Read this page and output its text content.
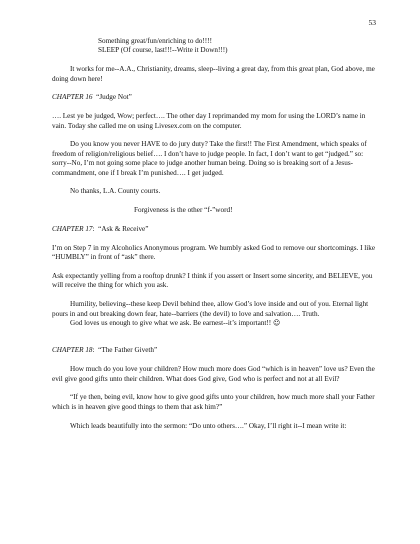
53
Something great/fun/enriching to do!!!!
SLEEP (Of course, last!!!--Write it Down!!!)

It works for me--A.A., Christianity, dreams, sleep--living a great day, from this great plan, God above, me doing down here!

CHAPTER 16 “Judge Not”

…. Lest ye be judged, Wow; perfect…. The other day I reprimanded my mom for using the LORD’s name in vain. Today she called me on using Livesex.com on the computer.

Do you know you never HAVE to do jury duty? Take the first!! The First Amendment, which speaks of freedom of religion/religious belief…. I don’t have to judge people. In fact, I don’t want to get “judged.” so: sorry--No, I’m not going some place to judge another human being. Doing so is breaking sort of a Jesus-commandment, one if I break I’m punished…. I get judged.

No thanks, L.A. County courts.

Forgiveness is the other “f-”word!

CHAPTER 17:  “Ask & Receive”

I’m on Step 7 in my Alcoholics Anonymous program. We humbly asked God to remove our shortcomings. I like “HUMBLY” in front of “ask” there.

Ask expectantly yelling from a rooftop drunk? I think if you assert or Insert some sincerity, and BELIEVE, you will receive the thing for which you ask.

Humility, believing--these keep Devil behind thee, allow God’s love inside and out of you. Eternal light pours in and out breaking down fear, hate--barriers (the devil) to love and salvation…. Truth.

God loves us enough to give what we ask. Be earnest--it’s important!! ☺

CHAPTER 18:  “The Father Giveth”

How much do you love your children? How much more does God “which is in heaven” love us? Even the evil give good gifts unto their children. What does God give, God who is perfect and not at all Evil?

“If ye then, being evil, know how to give good gifts unto your children, how much more shall your Father which is in heaven give good things to them that ask him?”

Which leads beautifully into the sermon: “Do unto others….” Okay, I’ll right it--I mean write it:
